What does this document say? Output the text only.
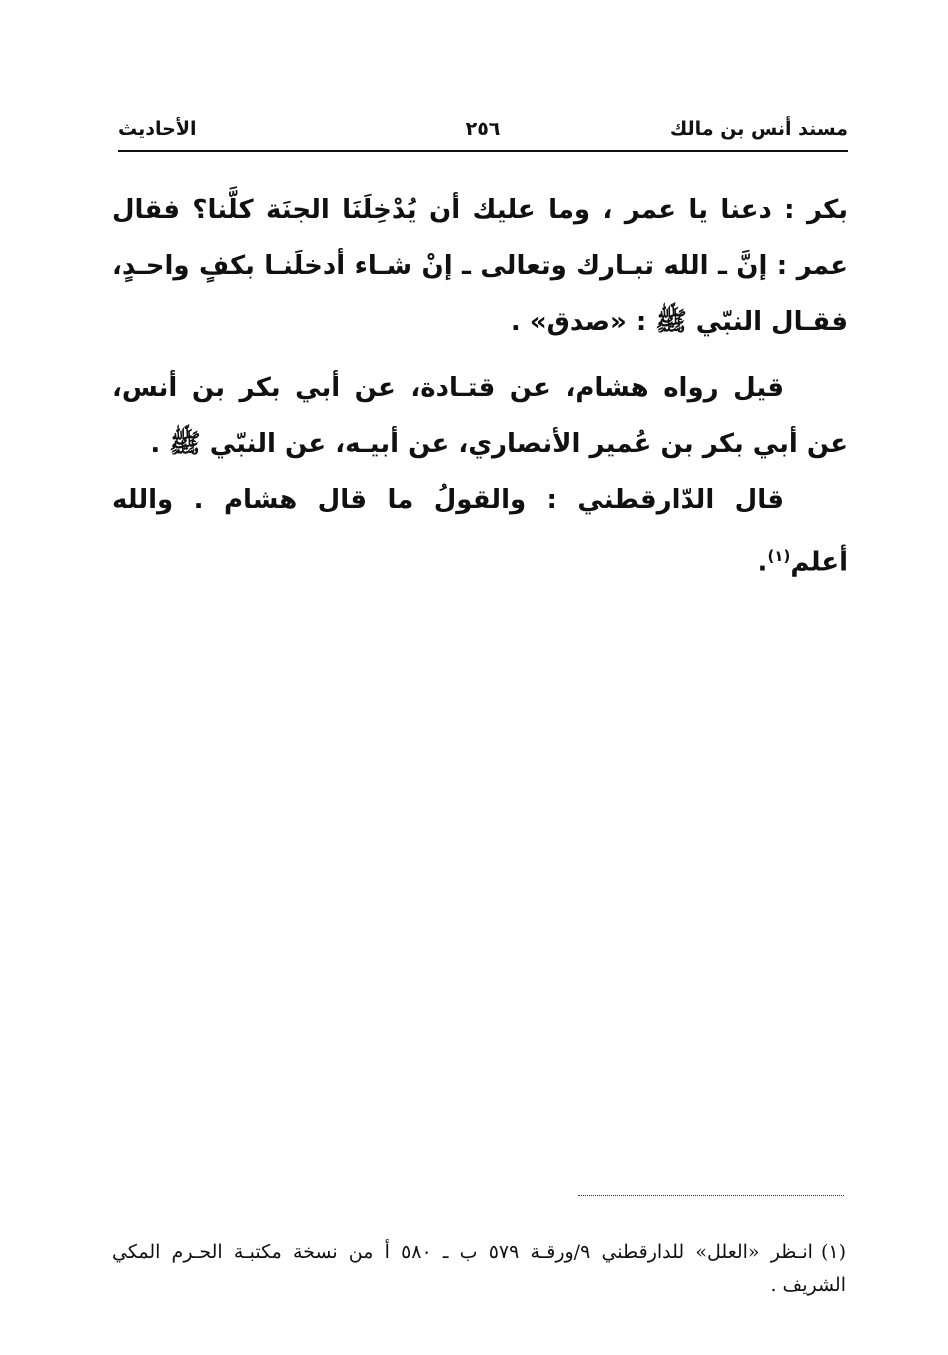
مسند أنس بن مالك
٢٥٦
الأحاديث

بكر : دعنا يا عمر ، وما عليك أن يُدْخِلَنَا الجنَة كلَّنا؟ فقال عمر : إنَّ ـ الله تبـارك وتعالى ـ إنْ شـاء أدخلَنـا بكفٍ واحـدٍ، فقـال النبّي ﷺ : «صدق» .

قيل رواه هشام، عن قتـادة، عن أبي بكر بن أنس، عن أبي بكر بن عُمير الأنصاري، عن أبيـه، عن النبّي ﷺ .

قال الدّارقطني : والقولُ ما قال هشام . والله أعلم$^{(١)}$.

(١)انـظر «العلل» للدارقطني ٩/ورقـة ٥٧٩ ب ـ ٥٨٠ أ من نسخة مكتبـة الحـرم المكي الشريف .
